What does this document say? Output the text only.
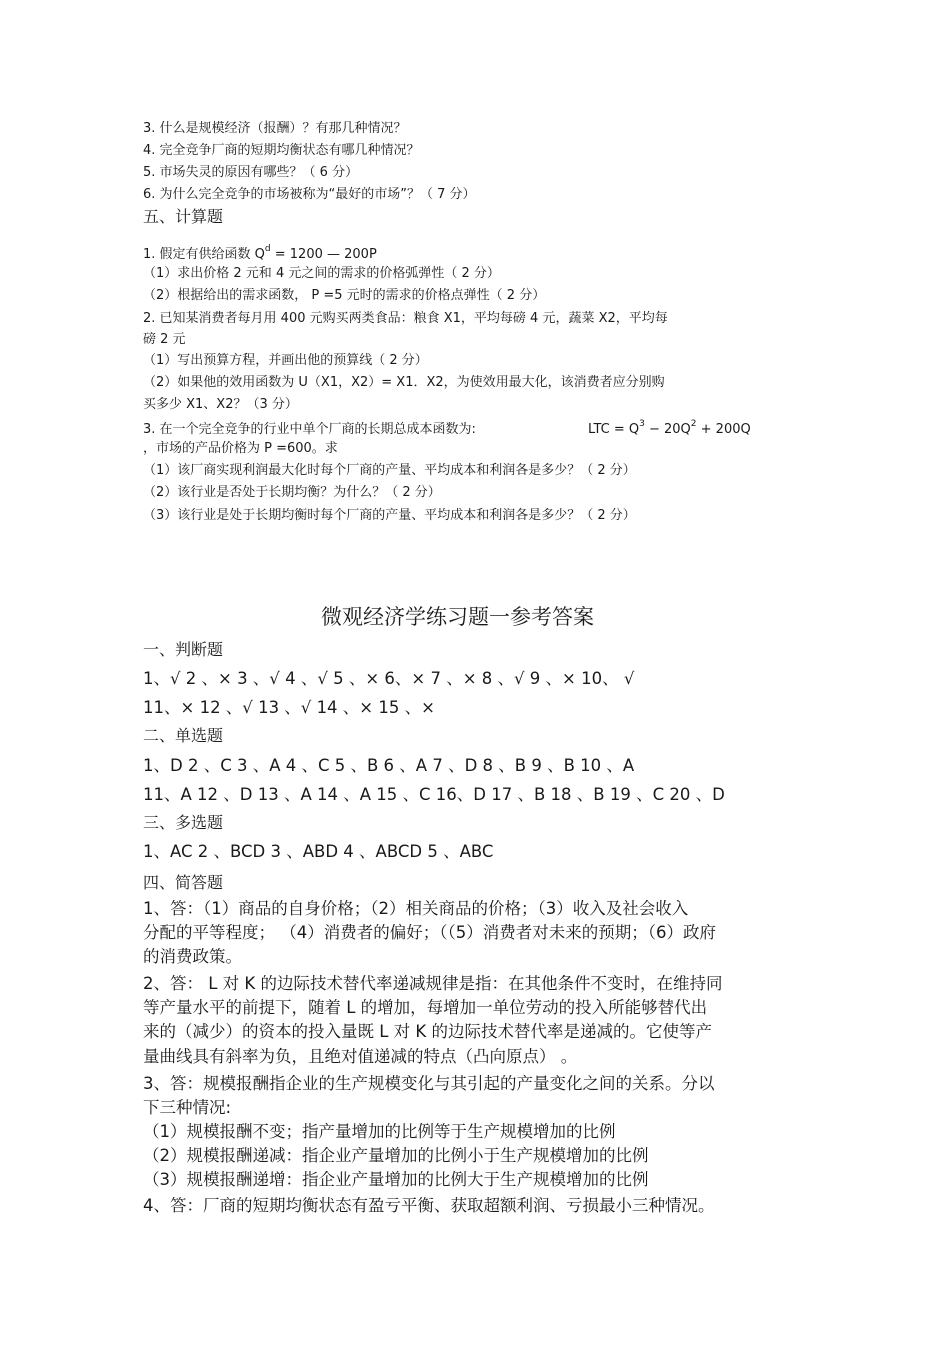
3. 什么是规模经济（报酬）？有那几种情况？
4. 完全竞争厂商的短期均衡状态有哪几种情况？
5. 市场失灵的原因有哪些？（ 6 分）
6. 为什么完全竞争的市场被称为“最好的市场”？（ 7 分）
五、计算题
1. 假定有供给函数 $Q^d = 1200$ — 200P
（1）求出价格 2 元和 4 元之间的需求的价格弧弹性（ 2 分）
（2）根据给出的需求函数， P =5 元时的需求的价格点弹性（ 2 分）
2. 已知某消费者每月用 400 元购买两类食品：粮食 X1，平均每磅 4 元，蔬菜 X2，平均每
磅 2 元
（1）写出预算方程，并画出他的预算线（ 2 分）
（2）如果他的效用函数为 U（X1，X2）= X1．X2，为使效用最大化，该消费者应分别购
买多少 X1、X2？（3 分）
3. 在一个完全竞争的行业中单个厂商的长期总成本函数为:	LTC = $Q^3 - 20Q^2 + 200Q$
，市场的产品价格为 P =600。求
（1）该厂商实现利润最大化时每个厂商的产量、平均成本和利润各是多少？（ 2 分）
（2）该行业是否处于长期均衡？为什么？（ 2 分）
（3）该行业是处于长期均衡时每个厂商的产量、平均成本和利润各是多少？（ 2 分）
微观经济学练习题一参考答案
一、判断题
1、√ 2 、× 3 、√ 4 、√ 5 、× 6、× 7 、× 8 、√ 9 、× 10、 √
11、× 12 、√ 13 、√ 14 、× 15 、×
二、单选题
1、D 2 、C 3 、A 4 、C 5 、B 6 、A 7 、D 8 、B 9 、B 10 、A
11、A 12 、D 13 、A 14 、A 15 、C 16、D 17 、B 18 、B 19 、C 20 、D
三、多选题
1、AC 2 、BCD 3 、ABD 4 、ABCD 5 、ABC
四、简答题
1、答：（1）商品的自身价格；（2）相关商品的价格；（3）收入及社会收入
分配的平等程度； （4）消费者的偏好；（（5）消费者对未来的预期；（6）政府
的消费政策。
2、答： L 对 K 的边际技术替代率递减规律是指：在其他条件不变时，在维持同
等产量水平的前提下，随着 L 的增加，每增加一单位劳动的投入所能够替代出
来的（减少）的资本的投入量既 L 对 K 的边际技术替代率是递减的。它使等产
量曲线具有斜率为负，且绝对值递减的特点（凸向原点） 。
3、答：规模报酬指企业的生产规模变化与其引起的产量变化之间的关系。分以
下三种情况:
（1）规模报酬不变；指产量增加的比例等于生产规模增加的比例
（2）规模报酬递减：指企业产量增加的比例小于生产规模增加的比例
（3）规模报酬递增：指企业产量增加的比例大于生产规模增加的比例
4、答：厂商的短期均衡状态有盈亏平衡、获取超额利润、亏损最小三种情况。
